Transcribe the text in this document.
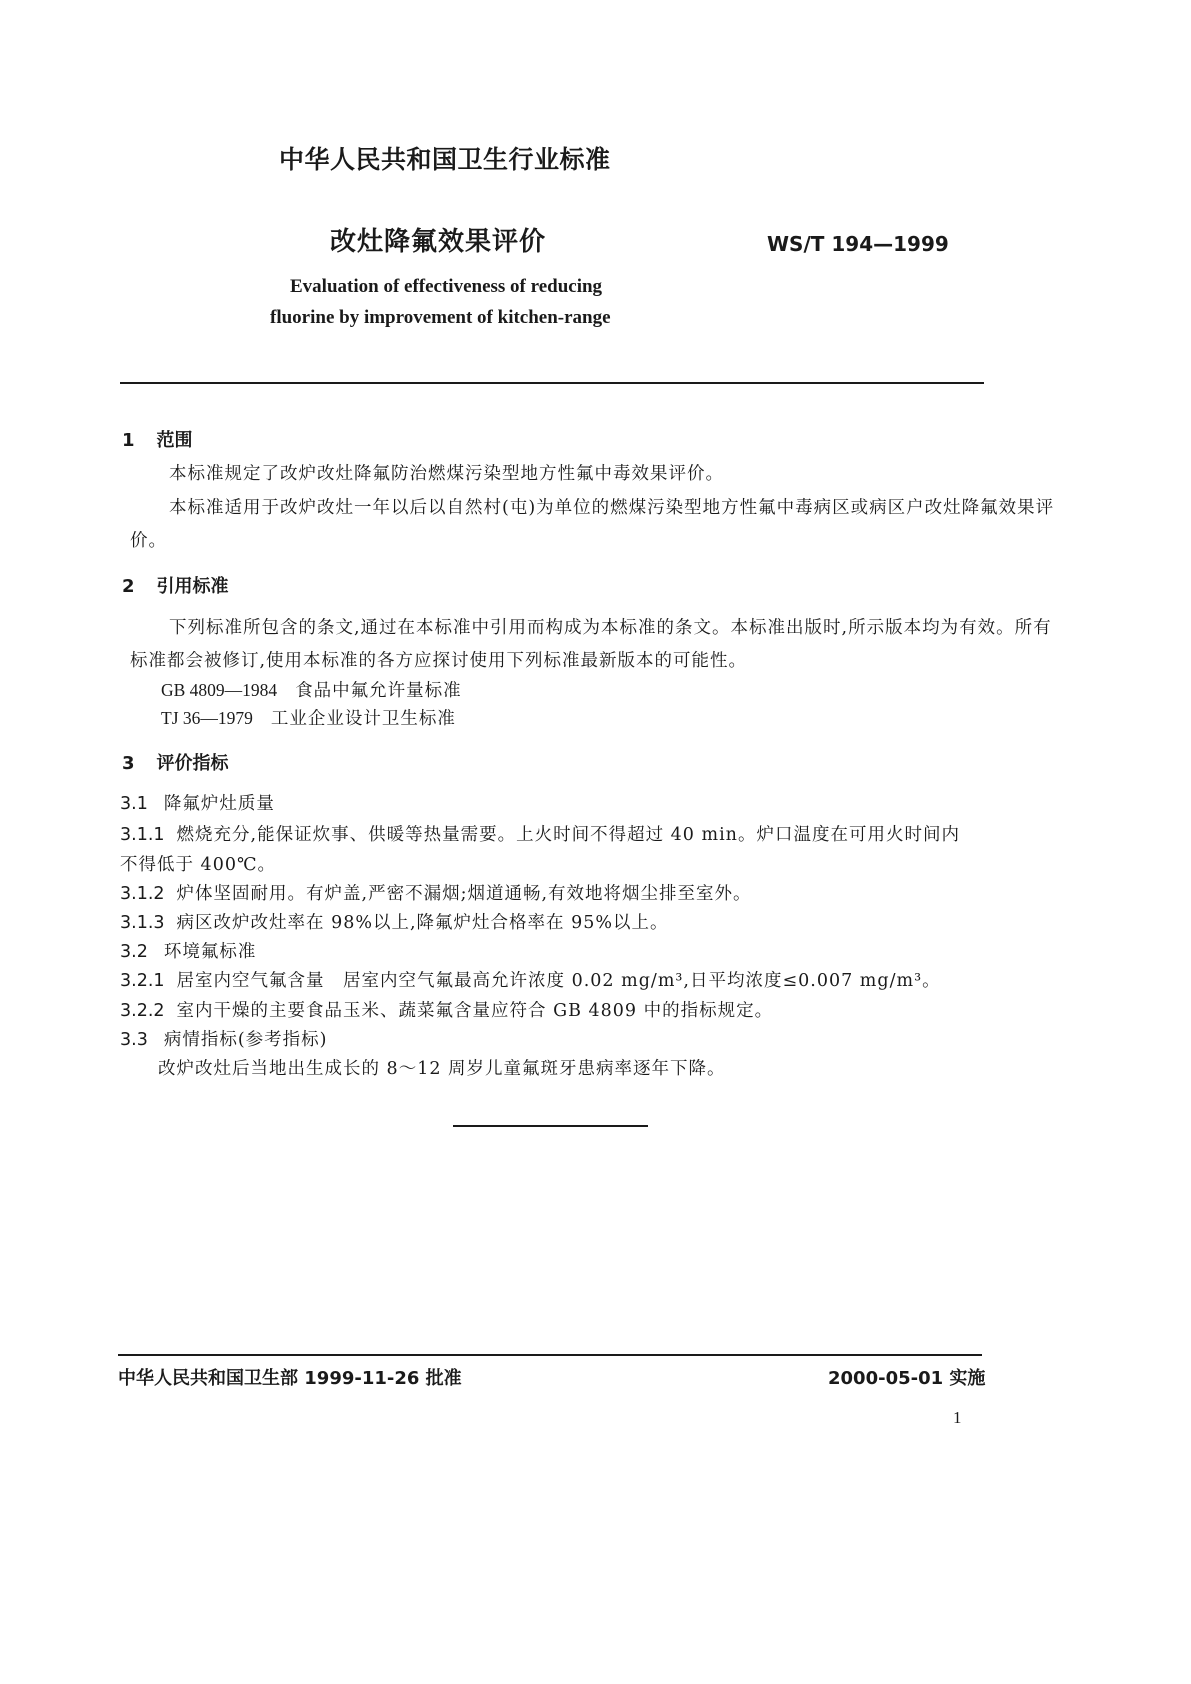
中华人民共和国卫生行业标准
改灶降氟效果评价	WS/T 194—1999
Evaluation of effectiveness of reducing
fluorine by improvement of kitchen-range
1 范围
本标准规定了改炉改灶降氟防治燃煤污染型地方性氟中毒效果评价。
本标准适用于改炉改灶一年以后以自然村(屯)为单位的燃煤污染型地方性氟中毒病区或病区户改灶降氟效果评价。
2 引用标准
下列标准所包含的条文,通过在本标准中引用而构成为本标准的条文。本标准出版时,所示版本均为有效。所有标准都会被修订,使用本标准的各方应探讨使用下列标准最新版本的可能性。
GB 4809—1984 食品中氟允许量标准
TJ 36—1979 工业企业设计卫生标准
3 评价指标
3.1 降氟炉灶质量
3.1.1 燃烧充分,能保证炊事、供暖等热量需要。上火时间不得超过 40 min。炉口温度在可用火时间内
不得低于 400℃。
3.1.2 炉体坚固耐用。有炉盖,严密不漏烟;烟道通畅,有效地将烟尘排至室外。
3.1.3 病区改炉改灶率在 98%以上,降氟炉灶合格率在 95%以上。
3.2 环境氟标准
3.2.1 居室内空气氟含量　居室内空气氟最高允许浓度 0.02 mg/m³,日平均浓度≤0.007 mg/m³。
3.2.2 室内干燥的主要食品玉米、蔬菜氟含量应符合 GB 4809 中的指标规定。
3.3 病情指标(参考指标)
改炉改灶后当地出生成长的 8～12 周岁儿童氟斑牙患病率逐年下降。
中华人民共和国卫生部 1999-11-26 批准	2000-05-01 实施
1
